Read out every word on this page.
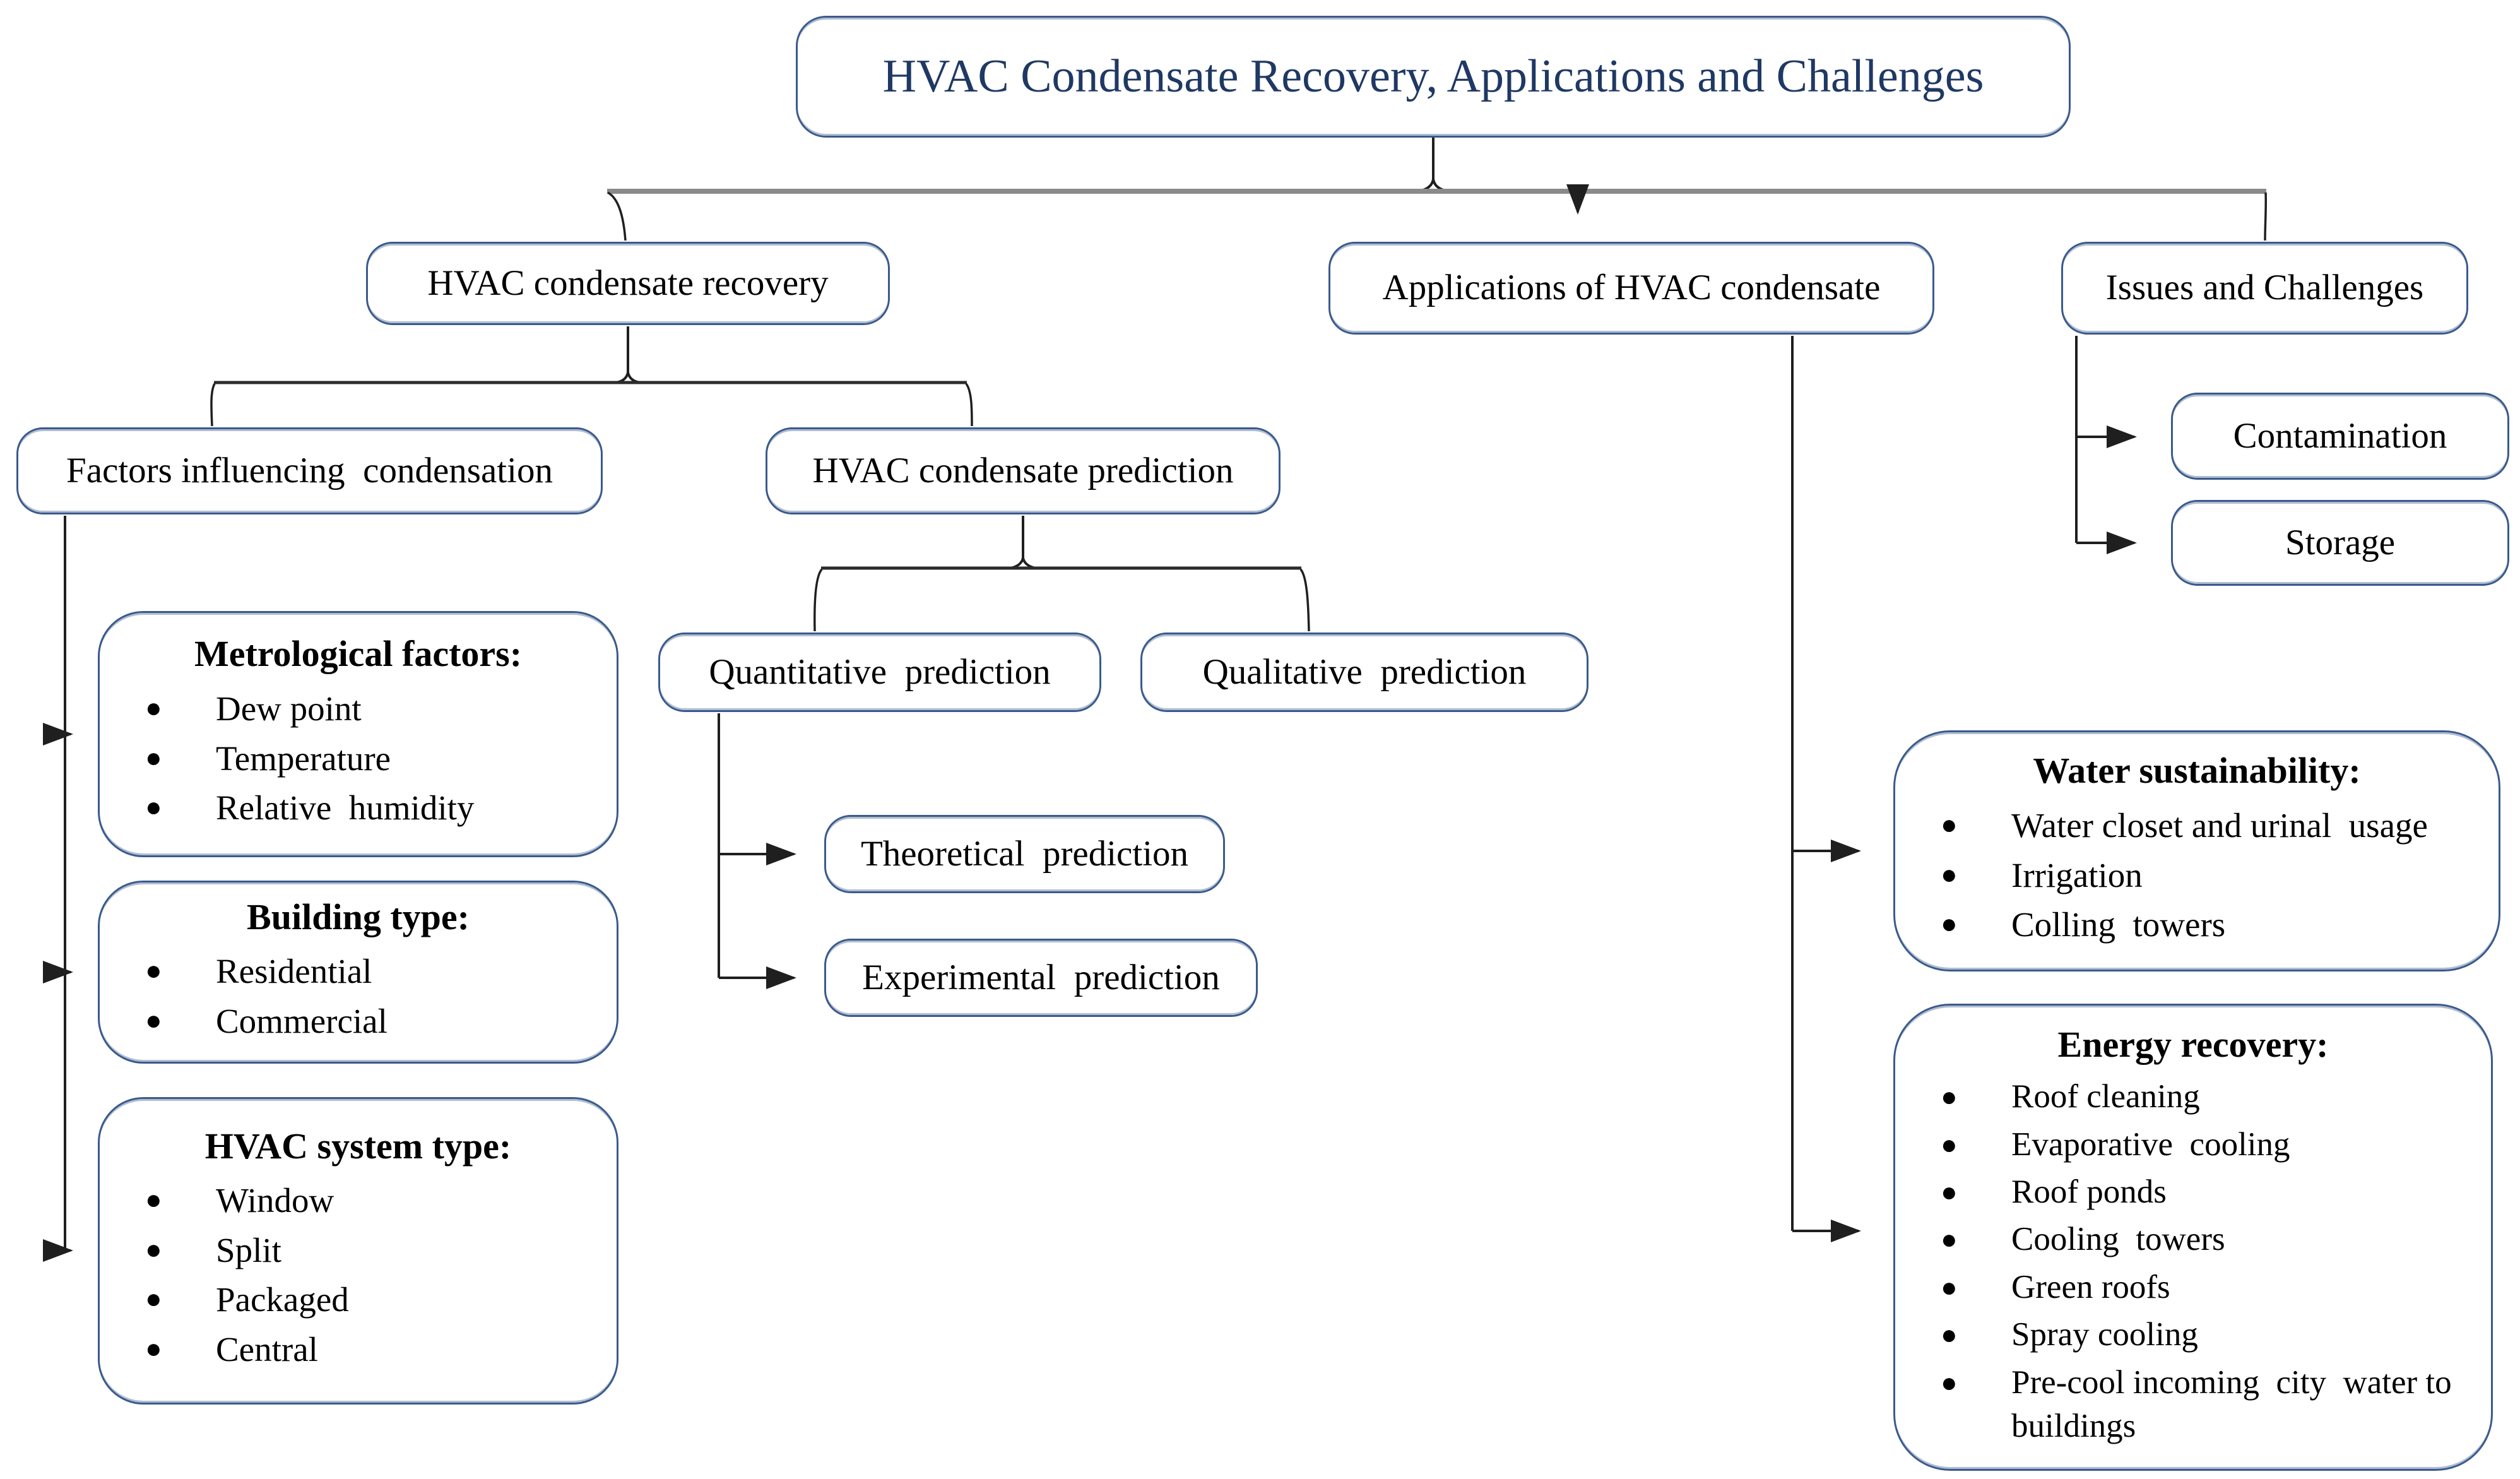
HVAC Condensate Recovery, Applications and Challenges
HVAC condensate recovery	Applications of HVAC condensate	Issues and Challenges
Factors influencing  condensation	HVAC condensate prediction
Quantitative  prediction	Qualitative  prediction
Theoretical  prediction
Experimental  prediction
Metrological factors:
●	Dew point
●	Temperature
●	Relative  humidity
Building type:
●	Residential
●	Commercial
HVAC system type:
●	Window
●	Split
●	Packaged
●	Central
Contamination
Storage
Water sustainability:
●	Water closet and urinal  usage
●	Irrigation
●	Colling  towers
Energy recovery:
●	Roof cleaning
●	Evaporative  cooling
●	Roof ponds
●	Cooling  towers
●	Green roofs
●	Spray cooling
●	Pre-cool incoming  city  water to buildings
